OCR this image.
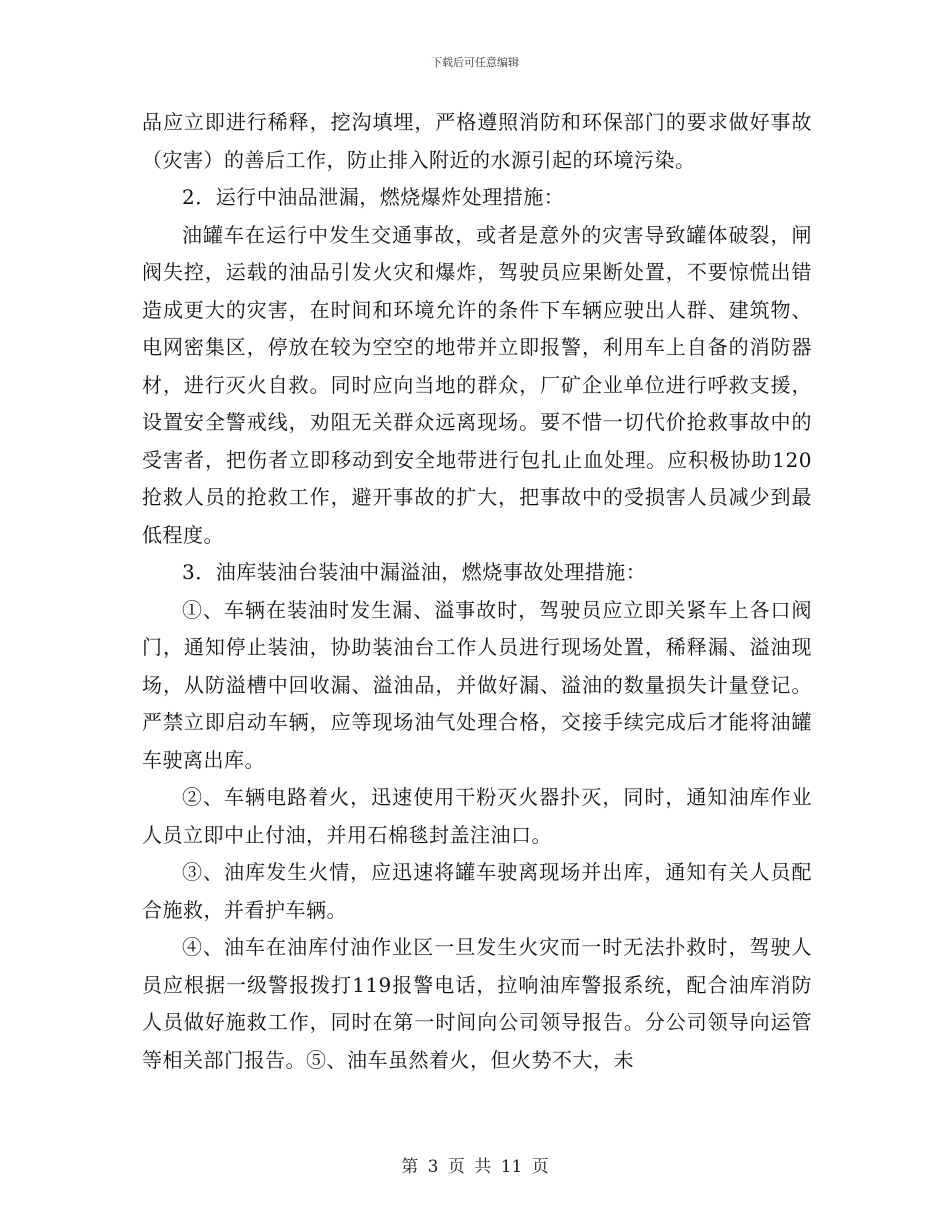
下载后可任意编辑

品应立即进行稀释，挖沟填埋，严格遵照消防和环保部门的要求做好事故（灾害）的善后工作，防止排入附近的水源引起的环境污染。

2．运行中油品泄漏，燃烧爆炸处理措施：

油罐车在运行中发生交通事故，或者是意外的灾害导致罐体破裂，闸阀失控，运载的油品引发火灾和爆炸，驾驶员应果断处置，不要惊慌出错造成更大的灾害，在时间和环境允许的条件下车辆应驶出人群、建筑物、电网密集区，停放在较为空空的地带并立即报警，利用车上自备的消防器材，进行灭火自救。同时应向当地的群众，厂矿企业单位进行呼救支援，设置安全警戒线，劝阻无关群众远离现场。要不惜一切代价抢救事故中的受害者，把伤者立即移动到安全地带进行包扎止血处理。应积极协助120抢救人员的抢救工作，避开事故的扩大，把事故中的受损害人员减少到最低程度。

3．油库装油台装油中漏溢油，燃烧事故处理措施：

①、车辆在装油时发生漏、溢事故时，驾驶员应立即关紧车上各口阀门，通知停止装油，协助装油台工作人员进行现场处置，稀释漏、溢油现场，从防溢槽中回收漏、溢油品，并做好漏、溢油的数量损失计量登记。严禁立即启动车辆，应等现场油气处理合格，交接手续完成后才能将油罐车驶离出库。

②、车辆电路着火，迅速使用干粉灭火器扑灭，同时，通知油库作业人员立即中止付油，并用石棉毯封盖注油口。

③、油库发生火情，应迅速将罐车驶离现场并出库，通知有关人员配合施救，并看护车辆。

④、油车在油库付油作业区一旦发生火灾而一时无法扑救时，驾驶人员应根据一级警报拨打119报警电话，拉响油库警报系统，配合油库消防人员做好施救工作，同时在第一时间向公司领导报告。分公司领导向运管等相关部门报告。⑤、油车虽然着火，但火势不大，未

第 3 页 共 11 页
